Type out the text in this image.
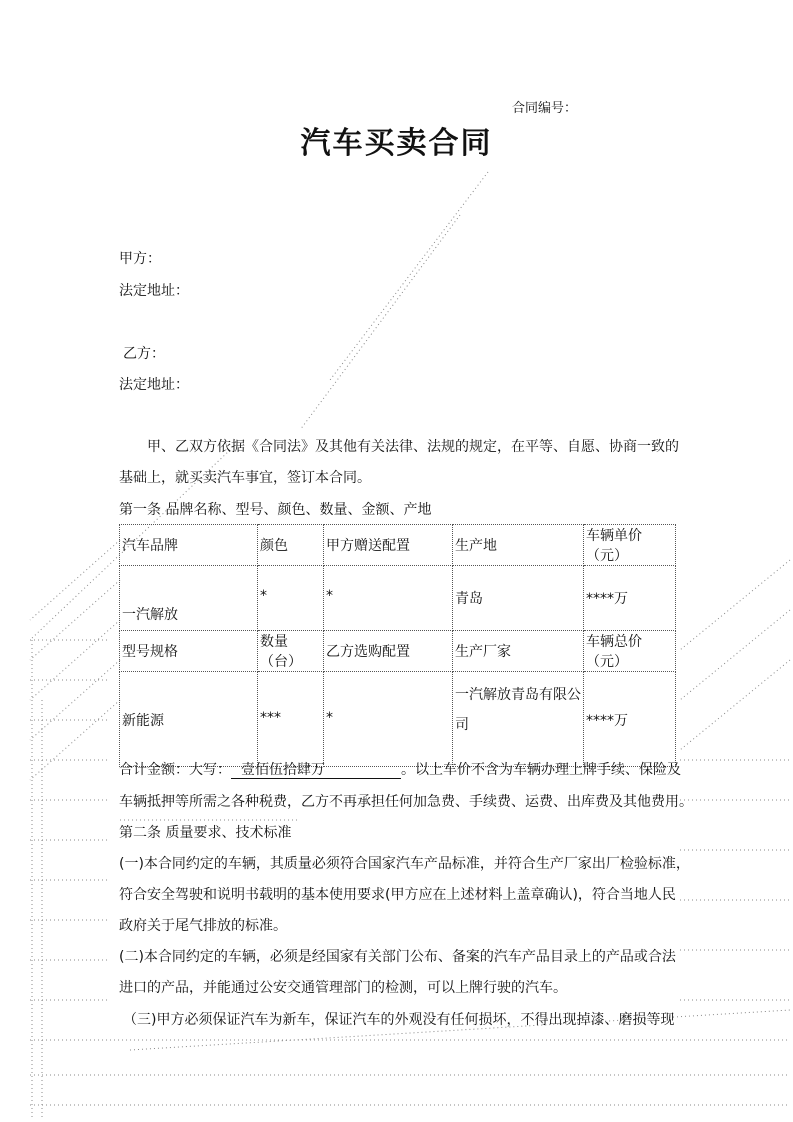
合同编号：
汽车买卖合同
甲方：
法定地址：
乙方：
法定地址：
甲、乙双方依据《合同法》及其他有关法律、法规的规定，在平等、自愿、协商一致的
基础上，就买卖汽车事宜，签订本合同。
第一条 品牌名称、型号、颜色、数量、金额、产地
汽车品牌	颜色	甲方赠送配置	生产地	车辆单价（元）

一汽解放	*	*	青岛	****万

型号规格	数量（台）	乙方选购配置	生产厂家	车辆总价（元）

新能源	***	*	一汽解放青岛有限公司	****万
合计金额：大写： 壹佰伍拾肆万	。以上车价不含为车辆办理上牌手续、保险及
车辆抵押等所需之各种税费，乙方不再承担任何加急费、手续费、运费、出库费及其他费用。
第二条 质量要求、技术标准
(一)本合同约定的车辆，其质量必须符合国家汽车产品标准，并符合生产厂家出厂检验标准，
符合安全驾驶和说明书载明的基本使用要求(甲方应在上述材料上盖章确认)，符合当地人民
政府关于尾气排放的标准。
(二)本合同约定的车辆，必须是经国家有关部门公布、备案的汽车产品目录上的产品或合法
进口的产品，并能通过公安交通管理部门的检测，可以上牌行驶的汽车。
（三)甲方必须保证汽车为新车，保证汽车的外观没有任何损坏，不得出现掉漆、磨损等现
